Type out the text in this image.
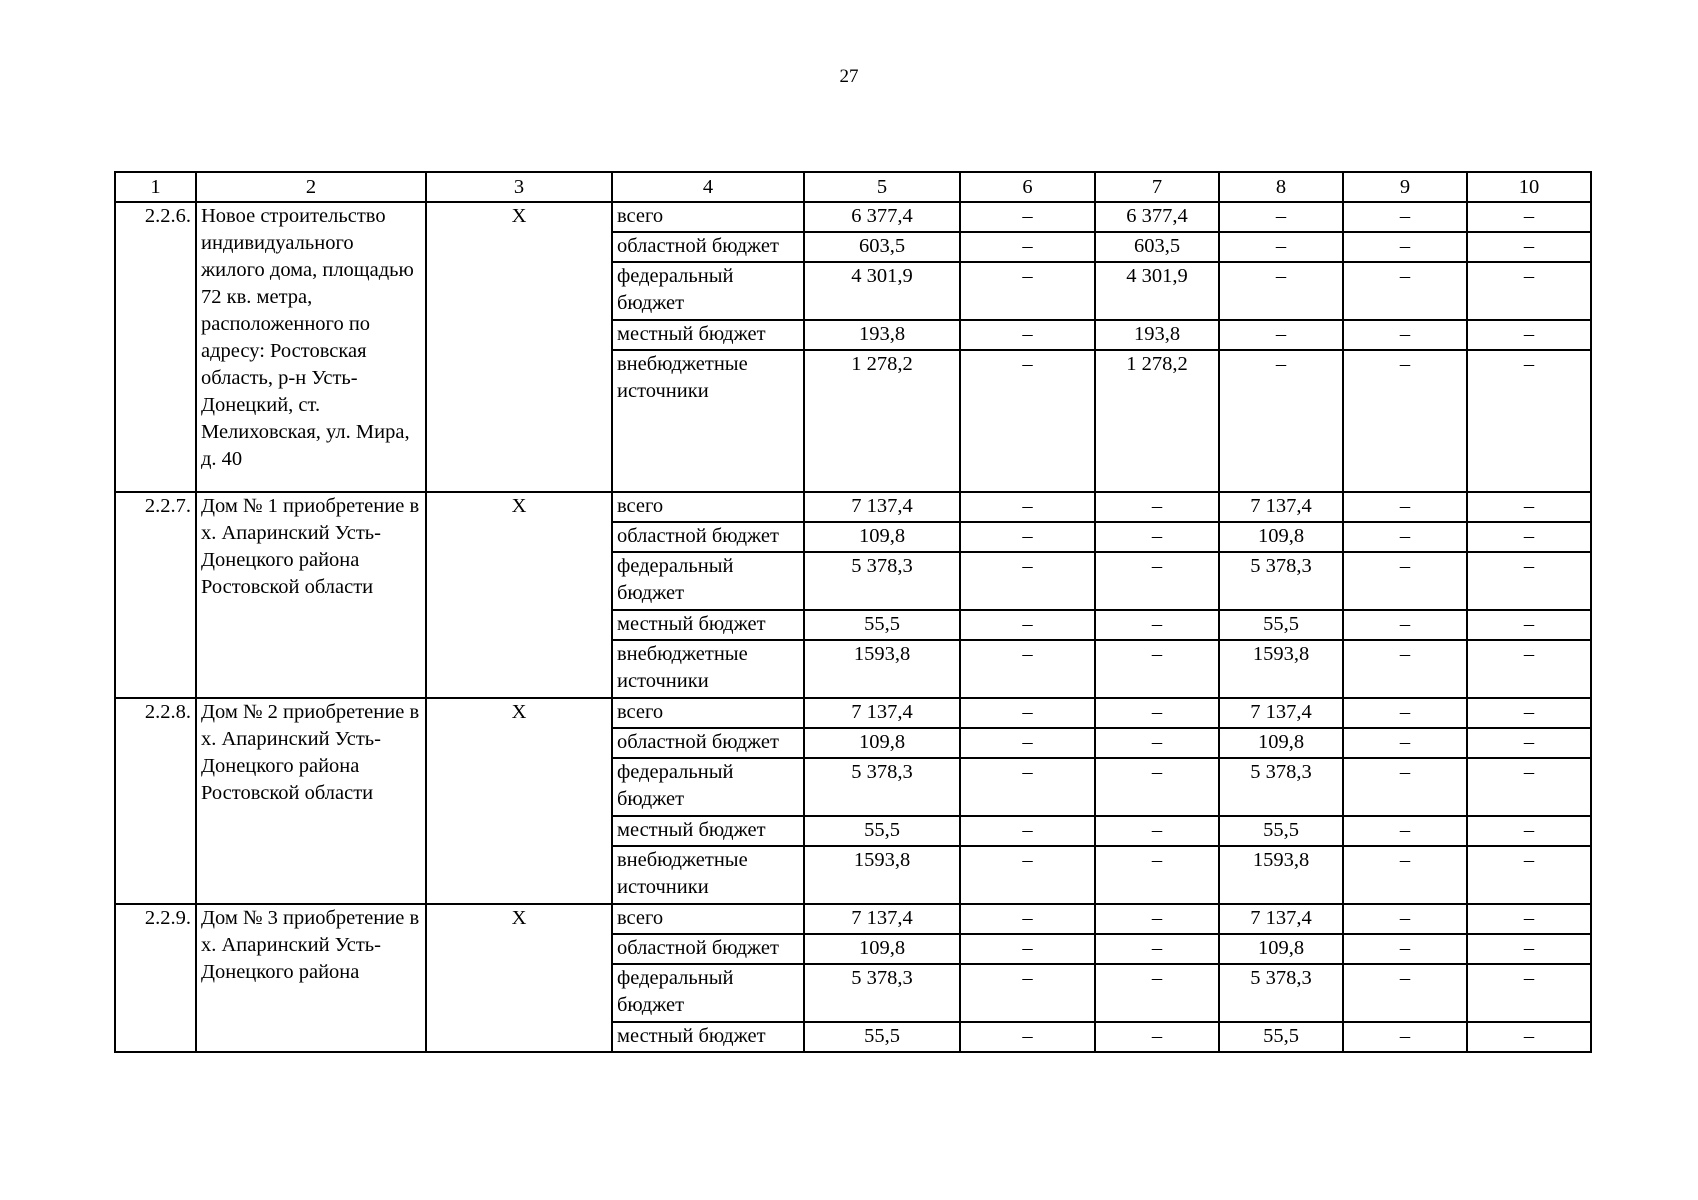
27
1	2	3	4	5	6	7	8	9	10
2.2.6.	Новое строительство индивидуального жилого дома, площадью 72 кв. метра, расположенного по адресу: Ростовская область, р-н Усть-Донецкий, ст. Мелиховская, ул. Мира, д. 40	X	всего	6 377,4	–	6 377,4	–	–	–
			областной бюджет	603,5	–	603,5	–	–	–
			федеральный бюджет	4 301,9	–	4 301,9	–	–	–
			местный бюджет	193,8	–	193,8	–	–	–
			внебюджетные источники	1 278,2	–	1 278,2	–	–	–
2.2.7.	Дом № 1 приобретение в х. Апаринский Усть-Донецкого района Ростовской области	X	всего	7 137,4	–	–	7 137,4	–	–
			областной бюджет	109,8	–	–	109,8	–	–
			федеральный бюджет	5 378,3	–	–	5 378,3	–	–
			местный бюджет	55,5	–	–	55,5	–	–
			внебюджетные источники	1593,8	–	–	1593,8	–	–
2.2.8.	Дом № 2 приобретение в х. Апаринский Усть-Донецкого района Ростовской области	X	всего	7 137,4	–	–	7 137,4	–	–
			областной бюджет	109,8	–	–	109,8	–	–
			федеральный бюджет	5 378,3	–	–	5 378,3	–	–
			местный бюджет	55,5	–	–	55,5	–	–
			внебюджетные источники	1593,8	–	–	1593,8	–	–
2.2.9.	Дом № 3 приобретение в х. Апаринский Усть-Донецкого района	X	всего	7 137,4	–	–	7 137,4	–	–
			областной бюджет	109,8	–	–	109,8	–	–
			федеральный бюджет	5 378,3	–	–	5 378,3	–	–
			местный бюджет	55,5	–	–	55,5	–	–
